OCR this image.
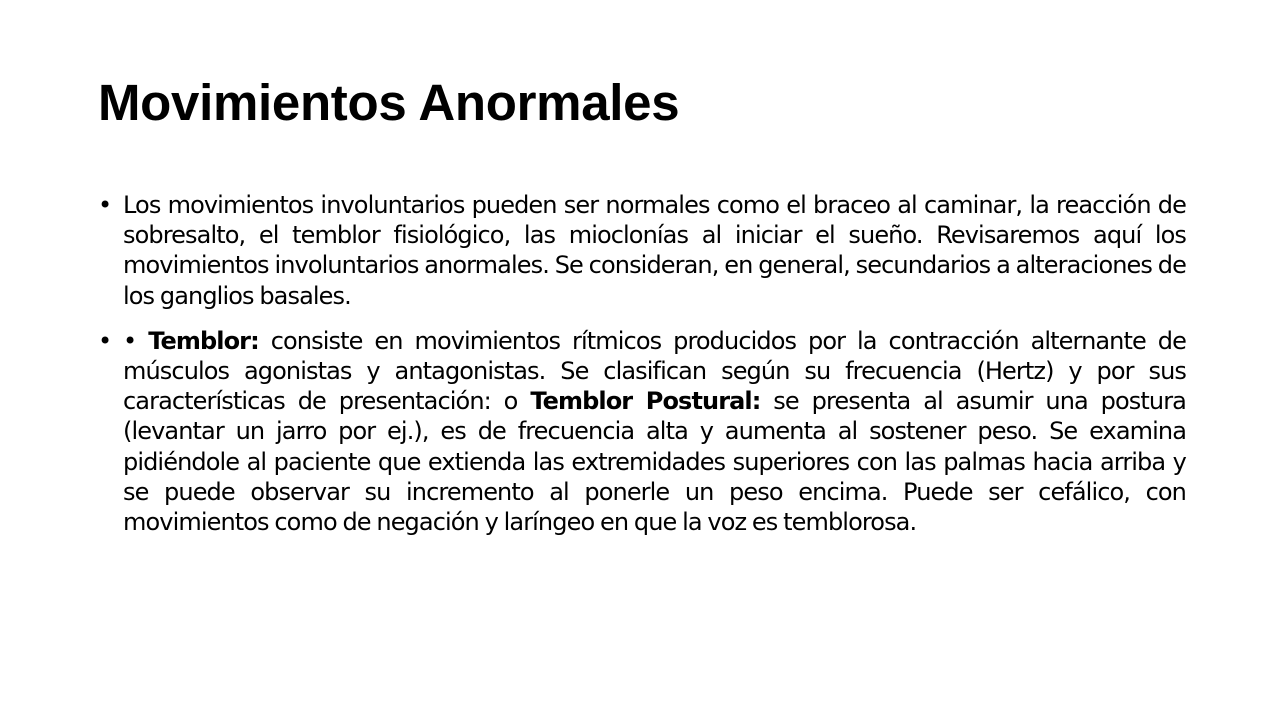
Movimientos Anormales
• Los movimientos involuntarios pueden ser normales como el braceo al caminar, la reacción de sobresalto, el temblor fisiológico, las mioclonías al iniciar el sueño. Revisaremos aquí los movimientos involuntarios anormales. Se consideran, en general, secundarios a alteraciones de los ganglios basales.
• • Temblor: consiste en movimientos rítmicos producidos por la contracción alternante de músculos agonistas y antagonistas. Se clasifican según su frecuencia (Hertz) y por sus características de presentación: o Temblor Postural: se presenta al asumir una postura (levantar un jarro por ej.), es de frecuencia alta y aumenta al sostener peso. Se examina pidiéndole al paciente que extienda las extremidades superiores con las palmas hacia arriba y se puede observar su incremento al ponerle un peso encima. Puede ser cefálico, con movimientos como de negación y laríngeo en que la voz es temblorosa.
